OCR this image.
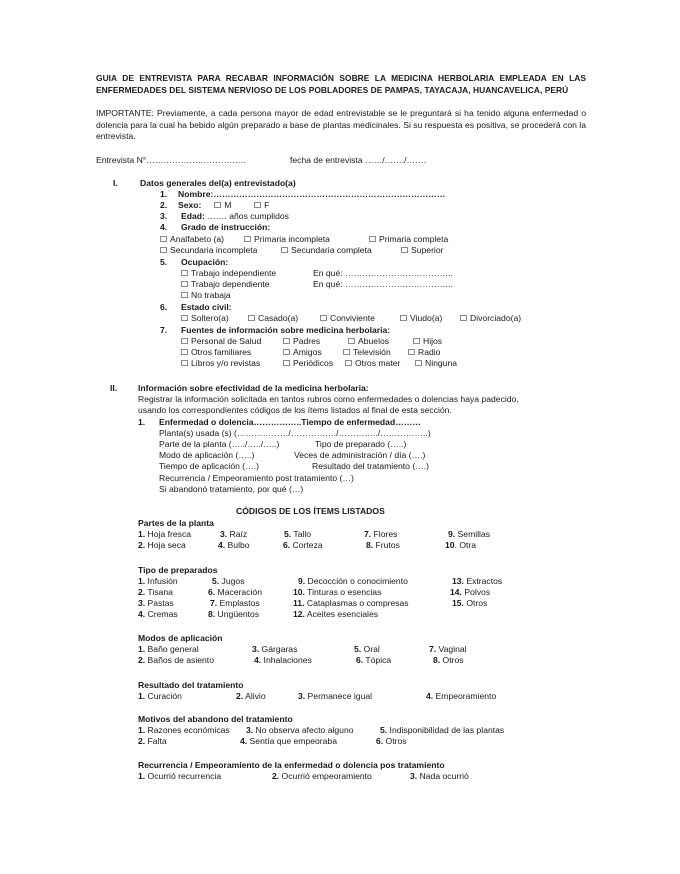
GUIA DE ENTREVISTA PARA RECABAR INFORMACIÓN SOBRE LA MEDICINA HERBOLARIA EMPLEADA EN LAS ENFERMEDADES DEL SISTEMA NERVIOSO DE LOS POBLADORES DE PAMPAS, TAYACAJA, HUANCAVELICA, PERÚ
IMPORTANTE: Previamente, a cada persona mayor de edad entrevistable se le preguntará si ha tenido alguna enfermedad o dolencia para la cual ha bebido algún preparado a base de plantas medicinales. Si su respuesta es positiva, se procederá con la entrevista.
Entrevista N°……………………………..	fecha de entrevista ……/……./…….
I.	Datos generales del(a) entrevistado(a)
1. Nombre:………………………………………………………………………
2. Sexo:	M	F
3. Edad: ……. años cumplidos
4. Grado de instrucción:
Analfabeto (a)	Primaria incompleta	Primaria completa
Secundaria incompleta	Secundaria completa	Superior
5. Ocupación:
Trabajo independiente	En qué: ………………………………..
Trabajo dependiente	En qué: ………………………………..
No trabaja
6. Estado civil:
Soltero(a)	Casado(a)	Conviviente	Viudo(a)	Divorciado(a)
7. Fuentes de información sobre medicina herbolaria:
Personal de Salud	Padres	Abuelos	Hijos
Otros familiares	Amigos	Televisión	Radio
Libros y/o revistas	Periódicos	Otros mater	Ninguna
II. Información sobre efectividad de la medicina herbolaria:
Registrar la información solicitada en tantos rubros como enfermedades o dolencias haya padecido,
usando los correspondientes códigos de los ítems listados al final de esta sección.
1. Enfermedad o dolencia……………..Tiempo de enfermedad………
Planta(s) usada (s) (………………/……………./…………../……………..)
Parte de la planta (…../…../…..)	Tipo de preparado (…..)
Modo de aplicación (…..)	Veces de administración / día (….)
Tiempo de aplicación (….)	Resultado del tratamiento (….)
Recurrencia / Empeoramiento post tratamiento (…)
Si abandonó tratamiento, por qué (…)
CÓDIGOS DE LOS ÍTEMS LISTADOS
Partes de la planta
1. Hoja fresca	3. Raíz	5. Tallo	7. Flores	9. Semillas
2. Hoja seca	4. Bulbo	6. Corteza	8. Frutos	10. Otra
Tipo de preparados
1. Infusión	5. Jugos	9. Decocción o conocimiento	13. Extractos
2. Tisana	6. Maceración	10. Tinturas o esencias	14. Polvos
3. Pastas	7. Emplastos	11. Cataplasmas o compresas	15. Otros
4. Cremas	8. Ungüentos	12. Aceites esenciales
Modos de aplicación
1. Baño general	3. Gárgaras	5. Oral	7. Vaginal
2. Baños de asiento	4. Inhalaciones	6. Tópica	8. Otros
Resultado del tratamiento
1. Curación	2. Alivio	3. Permanece igual	4. Empeoramiento
Motivos del abandono del tratamiento
1. Razones económicas 3. No observa afecto alguno	5. Indisponibilidad de las plantas
2. Falta	4. Sentía que empeoraba	6. Otros
Recurrencia / Empeoramiento de la enfermedad o dolencia pos tratamiento
1. Ocurrió recurrencia	2. Ocurrió empeoramiento	3. Nada ocurrió
